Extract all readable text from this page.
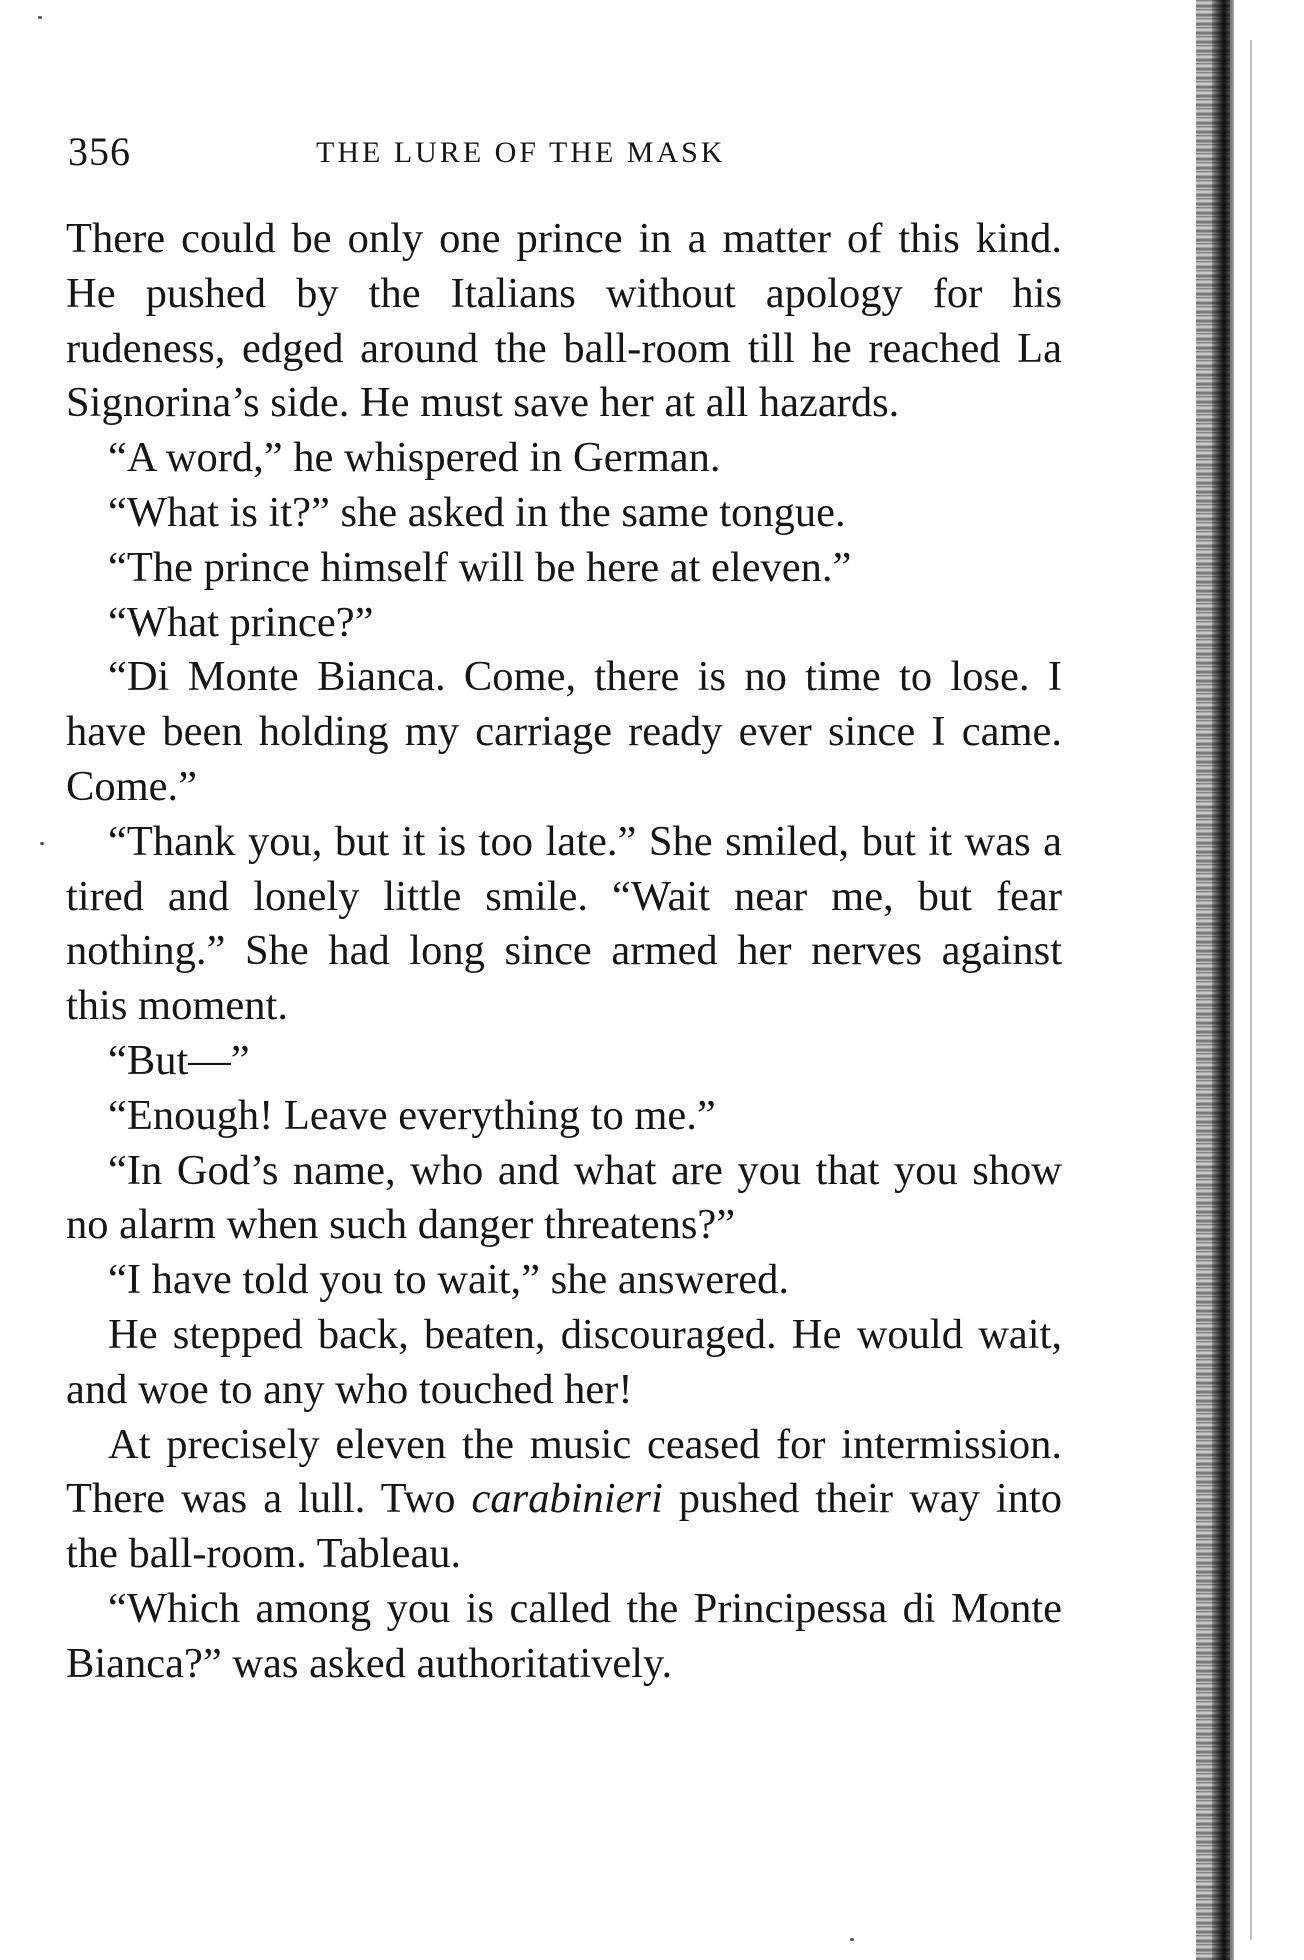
356	THE LURE OF THE MASK

There could be only one prince in a matter of this kind. He pushed by the Italians without apology for his rudeness, edged around the ball-room till he reached La Signorina’s side. He must save her at all hazards.

“A word,” he whispered in German.

“What is it?” she asked in the same tongue.

“The prince himself will be here at eleven.”

“What prince?”

“Di Monte Bianca. Come, there is no time to lose. I have been holding my carriage ready ever since I came. Come.”

“Thank you, but it is too late.” She smiled, but it was a tired and lonely little smile. “Wait near me, but fear nothing.” She had long since armed her nerves against this moment.

“But—”

“Enough! Leave everything to me.”

“In God’s name, who and what are you that you show no alarm when such danger threatens?”

“I have told you to wait,” she answered.

He stepped back, beaten, discouraged. He would wait, and woe to any who touched her!

At precisely eleven the music ceased for intermission. There was a lull. Two carabinieri pushed their way into the ball-room. Tableau.

“Which among you is called the Principessa di Monte Bianca?” was asked authoritatively.
